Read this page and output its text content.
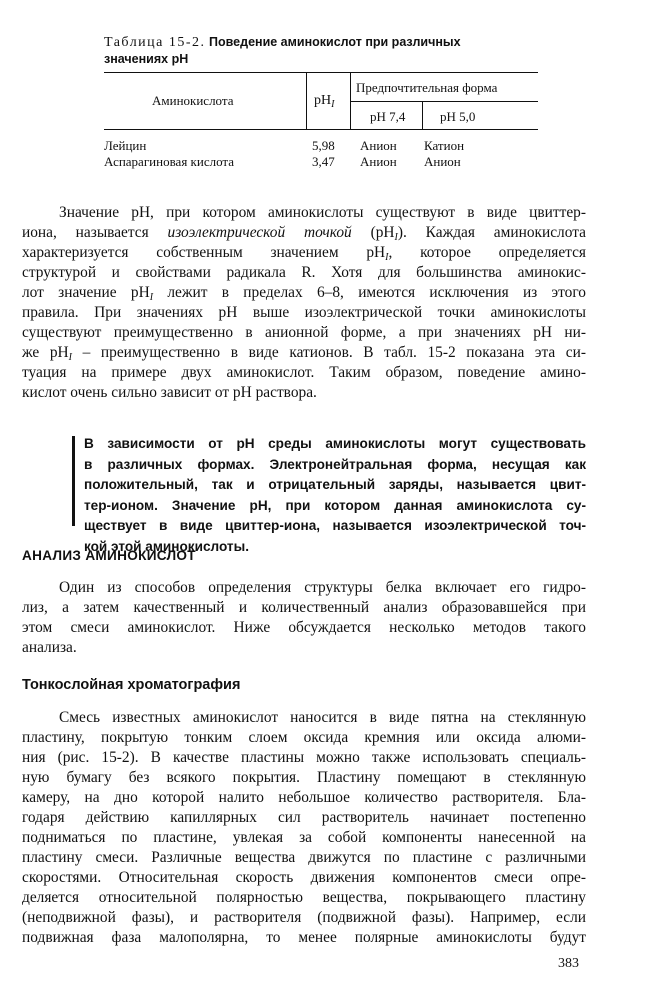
Таблица 15-2. Поведение аминокислот при различных
значениях pH
Аминокислота	$pH_I$
Предпочтительная форма
pH 7,4	pH 5,0
Лейцин	5,98 Анион Катион
Аспарагиновая кислота	3,47 Анион Анион
Значение pH, при котором аминокислоты существуют в виде цвиттер-
иона, называется изоэлектрической точкой $(pH_I)$. Каждая аминокислота
характеризуется собственным значением $pH_I$, которое определяется
структурой и свойствами радикала R. Хотя для большинства аминокис-
лот значение $pH_I$ лежит в пределах 6–8, имеются исключения из этого
правила. При значениях pH выше изоэлектрической точки аминокислоты
существуют преимущественно в анионной форме, а при значениях pH ни-
же $pH_I$ – преимущественно в виде катионов. В табл. 15-2 показана эта си-
туация на примере двух аминокислот. Таким образом, поведение амино-
кислот очень сильно зависит от pH раствора.
В зависимости от pH среды аминокислоты могут существовать
в различных формах. Электронейтральная форма, несущая как
положительный, так и отрицательный заряды, называется цвит-
тер-ионом. Значение pH, при котором данная аминокислота су-
ществует в виде цвиттер-иона, называется изоэлектрической точ-
кой этой аминокислоты.
АНАЛИЗ АМИНОКИСЛОТ
Один из способов определения структуры белка включает его гидро-
лиз, а затем качественный и количественный анализ образовавшейся при
этом смеси аминокислот. Ниже обсуждается несколько методов такого
анализа.
Тонкослойная хроматография
Смесь известных аминокислот наносится в виде пятна на стеклянную
пластину, покрытую тонким слоем оксида кремния или оксида алюми-
ния (рис. 15-2). В качестве пластины можно также использовать специаль-
ную бумагу без всякого покрытия. Пластину помещают в стеклянную
камеру, на дно которой налито небольшое количество растворителя. Бла-
годаря действию капиллярных сил растворитель начинает постепенно
подниматься по пластине, увлекая за собой компоненты нанесенной на
пластину смеси. Различные вещества движутся по пластине с различными
скоростями. Относительная скорость движения компонентов смеси опре-
деляется относительной полярностью вещества, покрывающего пластину
(неподвижной фазы), и растворителя (подвижной фазы). Например, если
подвижная фаза малополярна, то менее полярные аминокислоты будут
383
